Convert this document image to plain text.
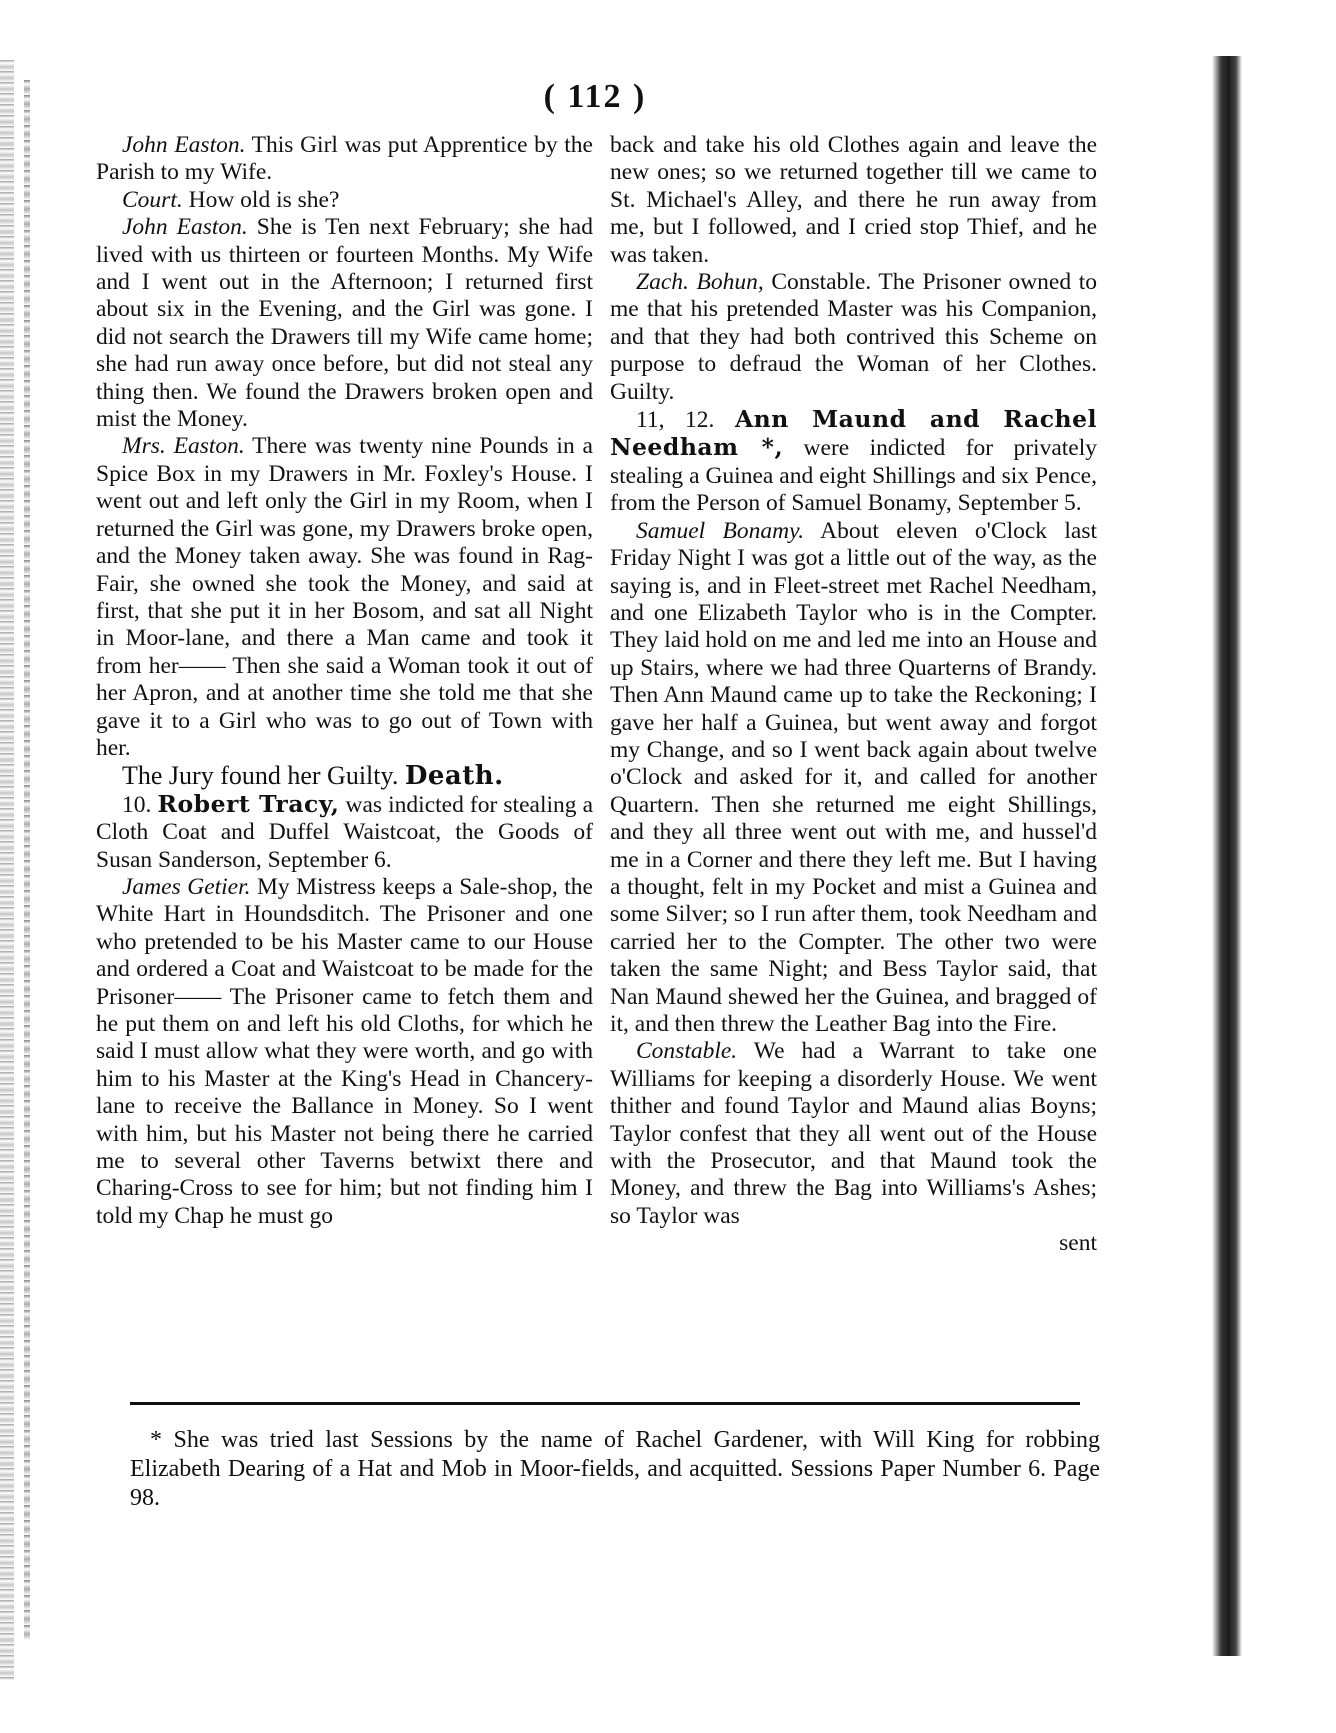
( 112 )

John Easton. This Girl was put Apprentice by the Parish to my Wife.

Court. How old is she?

John Easton. She is Ten next February; she had lived with us thirteen or fourteen Months. My Wife and I went out in the Afternoon; I returned first about six in the Evening, and the Girl was gone. I did not search the Drawers till my Wife came home; she had run away once before, but did not steal any thing then. We found the Drawers broken open and mist the Money.

Mrs. Easton. There was twenty nine Pounds in a Spice Box in my Drawers in Mr. Foxley's House. I went out and left only the Girl in my Room, when I returned the Girl was gone, my Drawers broke open, and the Money taken away. She was found in Rag-Fair, she owned she took the Money, and said at first, that she put it in her Bosom, and sat all Night in Moor-lane, and there a Man came and took it from her—— Then she said a Woman took it out of her Apron, and at another time she told me that she gave it to a Girl who was to go out of Town with her.

The Jury found her Guilty. Death.

10. Robert Tracy, was indicted for stealing a Cloth Coat and Duffel Waistcoat, the Goods of Susan Sanderson, September 6.

James Getier. My Mistress keeps a Sale-shop, the White Hart in Houndsditch. The Prisoner and one who pretended to be his Master came to our House and ordered a Coat and Waistcoat to be made for the Prisoner—— The Prisoner came to fetch them and he put them on and left his old Cloths, for which he said I must allow what they were worth, and go with him to his Master at the King's Head in Chancery-lane to receive the Ballance in Money. So I went with him, but his Master not being there he carried me to several other Taverns betwixt there and Charing-Cross to see for him; but not finding him I told my Chap he must go

back and take his old Clothes again and leave the new ones; so we returned together till we came to St. Michael's Alley, and there he run away from me, but I followed, and I cried stop Thief, and he was taken.

Zach. Bohun, Constable. The Prisoner owned to me that his pretended Master was his Companion, and that they had both contrived this Scheme on purpose to defraud the Woman of her Clothes. Guilty.

11, 12. Ann Maund and Rachel Needham *, were indicted for privately stealing a Guinea and eight Shillings and six Pence, from the Person of Samuel Bonamy, September 5.

Samuel Bonamy. About eleven o'Clock last Friday Night I was got a little out of the way, as the saying is, and in Fleet-street met Rachel Needham, and one Elizabeth Taylor who is in the Compter. They laid hold on me and led me into an House and up Stairs, where we had three Quarterns of Brandy. Then Ann Maund came up to take the Reckoning; I gave her half a Guinea, but went away and forgot my Change, and so I went back again about twelve o'Clock and asked for it, and called for another Quartern. Then she returned me eight Shillings, and they all three went out with me, and hussel'd me in a Corner and there they left me. But I having a thought, felt in my Pocket and mist a Guinea and some Silver; so I run after them, took Needham and carried her to the Compter. The other two were taken the same Night; and Bess Taylor said, that Nan Maund shewed her the Guinea, and bragged of it, and then threw the Leather Bag into the Fire.

Constable. We had a Warrant to take one Williams for keeping a disorderly House. We went thither and found Taylor and Maund alias Boyns; Taylor confest that they all went out of the House with the Prosecutor, and that Maund took the Money, and threw the Bag into Williams's Ashes; so Taylor was

sent

* She was tried last Sessions by the name of Rachel Gardener, with Will King for robbing Elizabeth Dearing of a Hat and Mob in Moor-fields, and acquitted. Sessions Paper Number 6. Page 98.
